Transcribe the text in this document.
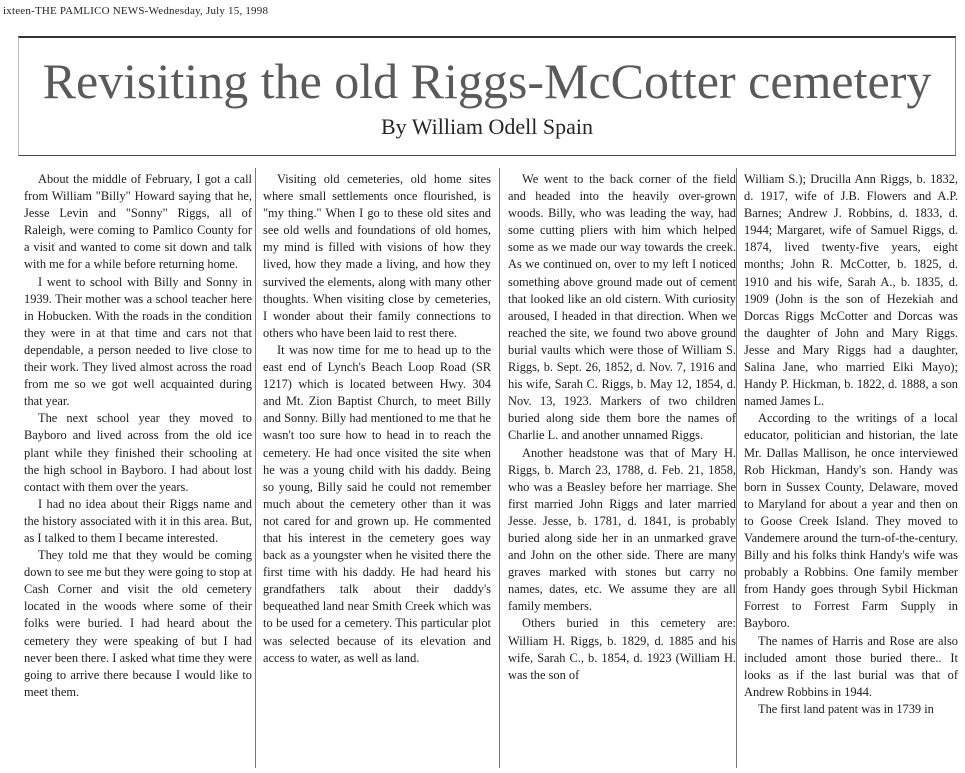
ixteen-THE PAMLICO NEWS-Wednesday, July 15, 1998
Revisiting the old Riggs-McCotter cemetery
By William Odell Spain

About the middle of February, I got a call from William "Billy" Howard saying that he, Jesse Levin and "Sonny" Riggs, all of Raleigh, were coming to Pamlico County for a visit and wanted to come sit down and talk with me for a while before returning home.

I went to school with Billy and Sonny in 1939. Their mother was a school teacher here in Hobucken. With the roads in the condition they were in at that time and cars not that dependable, a person needed to live close to their work. They lived almost across the road from me so we got well acquainted during that year.

The next school year they moved to Bayboro and lived across from the old ice plant while they finished their schooling at the high school in Bayboro. I had about lost contact with them over the years.

I had no idea about their Riggs name and the history associated with it in this area. But, as I talked to them I became interested.

They told me that they would be coming down to see me but they were going to stop at Cash Corner and visit the old cemetery located in the woods where some of their folks were buried. I had heard about the cemetery they were speaking of but I had never been there. I asked what time they were going to arrive there because I would like to meet them.

Visiting old cemeteries, old home sites where small settlements once flourished, is "my thing." When I go to these old sites and see old wells and foundations of old homes, my mind is filled with visions of how they lived, how they made a living, and how they survived the elements, along with many other thoughts. When visiting close by cemeteries, I wonder about their family connections to others who have been laid to rest there.

It was now time for me to head up to the east end of Lynch's Beach Loop Road (SR 1217) which is located between Hwy. 304 and Mt. Zion Baptist Church, to meet Billy and Sonny. Billy had mentioned to me that he wasn't too sure how to head in to reach the cemetery. He had once visited the site when he was a young child with his daddy. Being so young, Billy said he could not remember much about the cemetery other than it was not cared for and grown up. He commented that his interest in the cemetery goes way back as a youngster when he visited there the first time with his daddy. He had heard his grandfathers talk about their daddy's bequeathed land near Smith Creek which was to be used for a cemetery. This particular plot was selected because of its elevation and access to water, as well as land.

We went to the back corner of the field and headed into the heavily over-grown woods. Billy, who was leading the way, had some cutting pliers with him which helped some as we made our way towards the creek. As we continued on, over to my left I noticed something above ground made out of cement that looked like an old cistern. With curiosity aroused, I headed in that direction. When we reached the site, we found two above ground burial vaults which were those of William S. Riggs, b. Sept. 26, 1852, d. Nov. 7, 1916 and his wife, Sarah C. Riggs, b. May 12, 1854, d. Nov. 13, 1923. Markers of two children buried along side them bore the names of Charlie L. and another unnamed Riggs.

Another headstone was that of Mary H. Riggs, b. March 23, 1788, d. Feb. 21, 1858, who was a Beasley before her marriage. She first married John Riggs and later married Jesse. Jesse, b. 1781, d. 1841, is probably buried along side her in an unmarked grave and John on the other side. There are many graves marked with stones but carry no names, dates, etc. We assume they are all family members.

Others buried in this cemetery are: William H. Riggs, b. 1829, d. 1885 and his wife, Sarah C., b. 1854, d. 1923 (William H. was the son of

William S.); Drucilla Ann Riggs, b. 1832, d. 1917, wife of J.B. Flowers and A.P. Barnes; Andrew J. Robbins, d. 1833, d. 1944; Margaret, wife of Samuel Riggs, d. 1874, lived twenty-five years, eight months; John R. McCotter, b. 1825, d. 1910 and his wife, Sarah A., b. 1835, d. 1909 (John is the son of Hezekiah and Dorcas Riggs McCotter and Dorcas was the daughter of John and Mary Riggs. Jesse and Mary Riggs had a daughter, Salina Jane, who married Elki Mayo); Handy P. Hickman, b. 1822, d. 1888, a son named James L.

According to the writings of a local educator, politician and historian, the late Mr. Dallas Mallison, he once interviewed Rob Hickman, Handy's son. Handy was born in Sussex County, Delaware, moved to Maryland for about a year and then on to Goose Creek Island. They moved to Vandemere around the turn-of-the-century. Billy and his folks think Handy's wife was probably a Robbins. One family member from Handy goes through Sybil Hickman Forrest to Forrest Farm Supply in Bayboro.

The names of Harris and Rose are also included amont those buried there.. It looks as if the last burial was that of Andrew Robbins in 1944.

The first land patent was in 1739 in
